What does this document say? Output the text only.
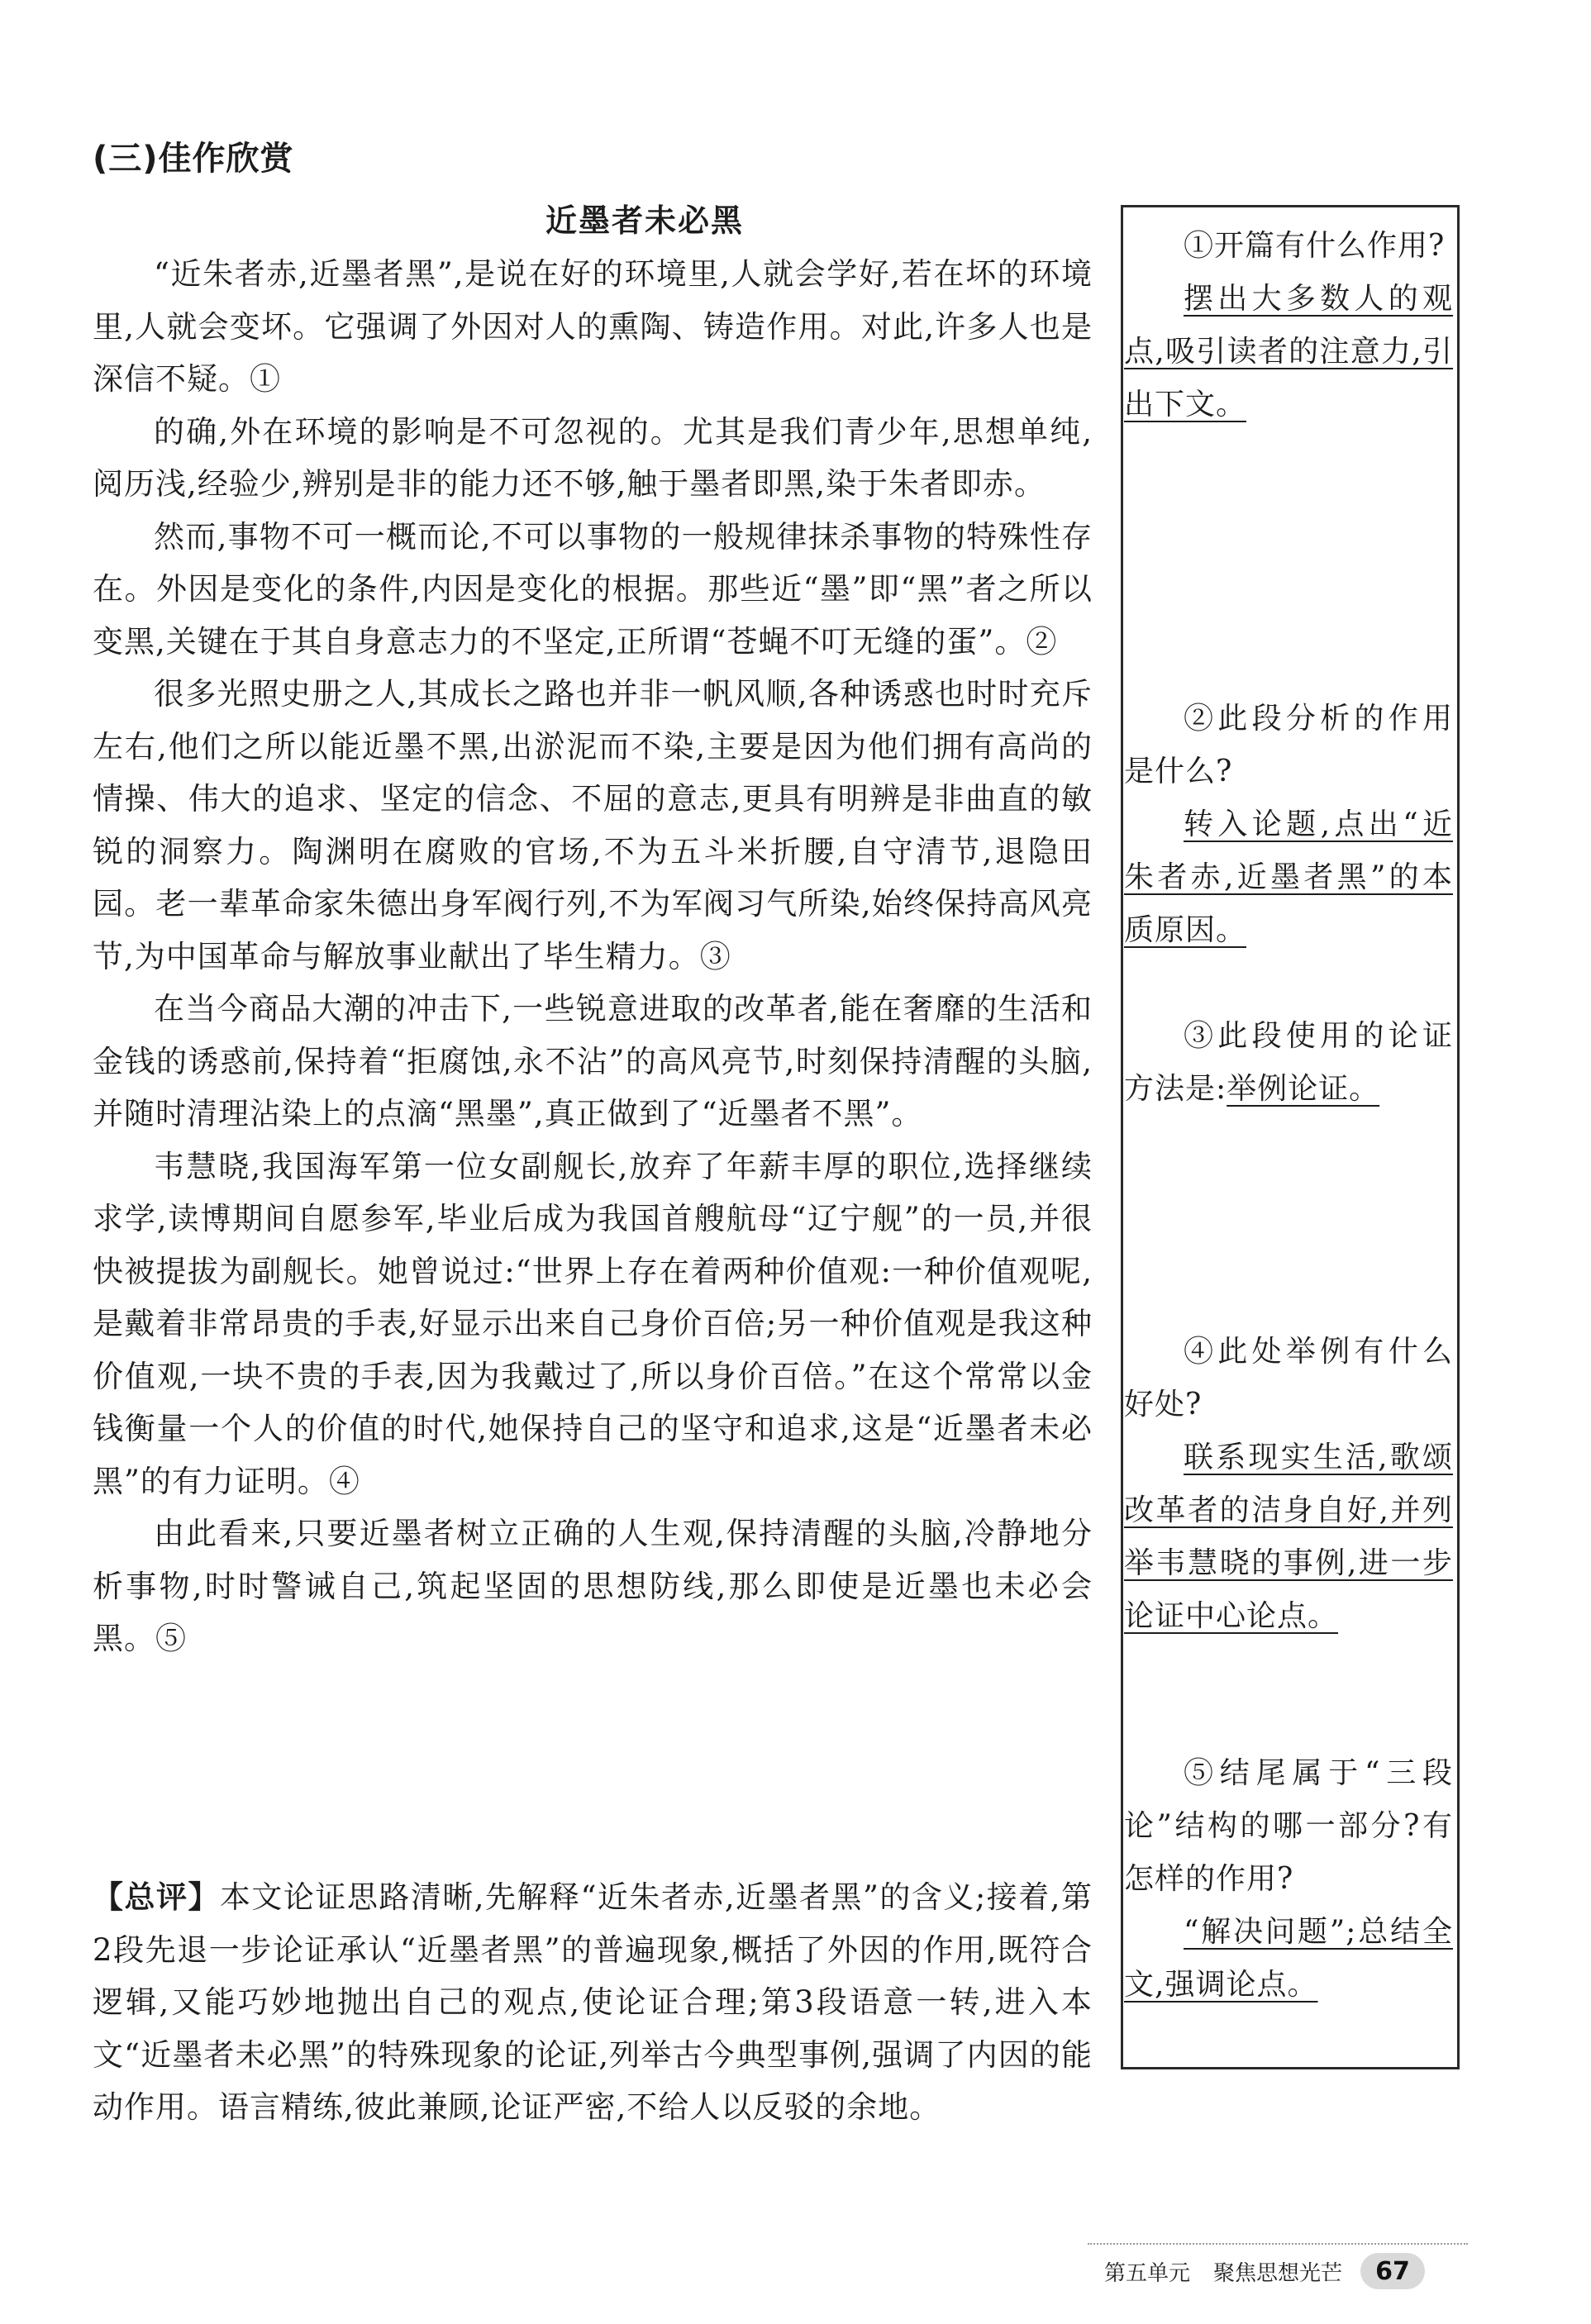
(三)佳作欣赏
近墨者未必黑

“近朱者赤,近墨者黑”,是说在好的环境里,人就会学好,若在坏的环境里,人就会变坏。它强调了外因对人的熏陶、铸造作用。对此,许多人也是深信不疑。①

的确,外在环境的影响是不可忽视的。尤其是我们青少年,思想单纯,阅历浅,经验少,辨别是非的能力还不够,触于墨者即黑,染于朱者即赤。

然而,事物不可一概而论,不可以事物的一般规律抹杀事物的特殊性存在。外因是变化的条件,内因是变化的根据。那些近“墨”即“黑”者之所以变黑,关键在于其自身意志力的不坚定,正所谓“苍蝇不叮无缝的蛋”。②

很多光照史册之人,其成长之路也并非一帆风顺,各种诱惑也时时充斥左右,他们之所以能近墨不黑,出淤泥而不染,主要是因为他们拥有高尚的情操、伟大的追求、坚定的信念、不屈的意志,更具有明辨是非曲直的敏锐的洞察力。陶渊明在腐败的官场,不为五斗米折腰,自守清节,退隐田园。老一辈革命家朱德出身军阀行列,不为军阀习气所染,始终保持高风亮节,为中国革命与解放事业献出了毕生精力。③

在当今商品大潮的冲击下,一些锐意进取的改革者,能在奢靡的生活和金钱的诱惑前,保持着“拒腐蚀,永不沾”的高风亮节,时刻保持清醒的头脑,并随时清理沾染上的点滴“黑墨”,真正做到了“近墨者不黑”。

韦慧晓,我国海军第一位女副舰长,放弃了年薪丰厚的职位,选择继续求学,读博期间自愿参军,毕业后成为我国首艘航母“辽宁舰”的一员,并很快被提拔为副舰长。她曾说过:“世界上存在着两种价值观:一种价值观呢,是戴着非常昂贵的手表,好显示出来自己身价百倍;另一种价值观是我这种价值观,一块不贵的手表,因为我戴过了,所以身价百倍。”在这个常常以金钱衡量一个人的价值的时代,她保持自己的坚守和追求,这是“近墨者未必黑”的有力证明。④

由此看来,只要近墨者树立正确的人生观,保持清醒的头脑,冷静地分析事物,时时警诫自己,筑起坚固的思想防线,那么即使是近墨也未必会黑。⑤

【总评】本文论证思路清晰,先解释“近朱者赤,近墨者黑”的含义;接着,第2段先退一步论证承认“近墨者黑”的普遍现象,概括了外因的作用,既符合逻辑,又能巧妙地抛出自己的观点,使论证合理;第3段语意一转,进入本文“近墨者未必黑”的特殊现象的论证,列举古今典型事例,强调了内因的能动作用。语言精练,彼此兼顾,论证严密,不给人以反驳的余地。

①开篇有什么作用?

摆出大多数人的观点,吸引读者的注意力,引出下文。

②此段分析的作用是什么?

转入论题,点出“近朱者赤,近墨者黑”的本质原因。

③此段使用的论证方法是:举例论证。

④此处举例有什么好处?

联系现实生活,歌颂改革者的洁身自好,并列举韦慧晓的事例,进一步论证中心论点。

⑤结尾属于“三段论”结构的哪一部分?有怎样的作用?

“解决问题”;总结全文,强调论点。

第五单元 聚焦思想光芒	67
